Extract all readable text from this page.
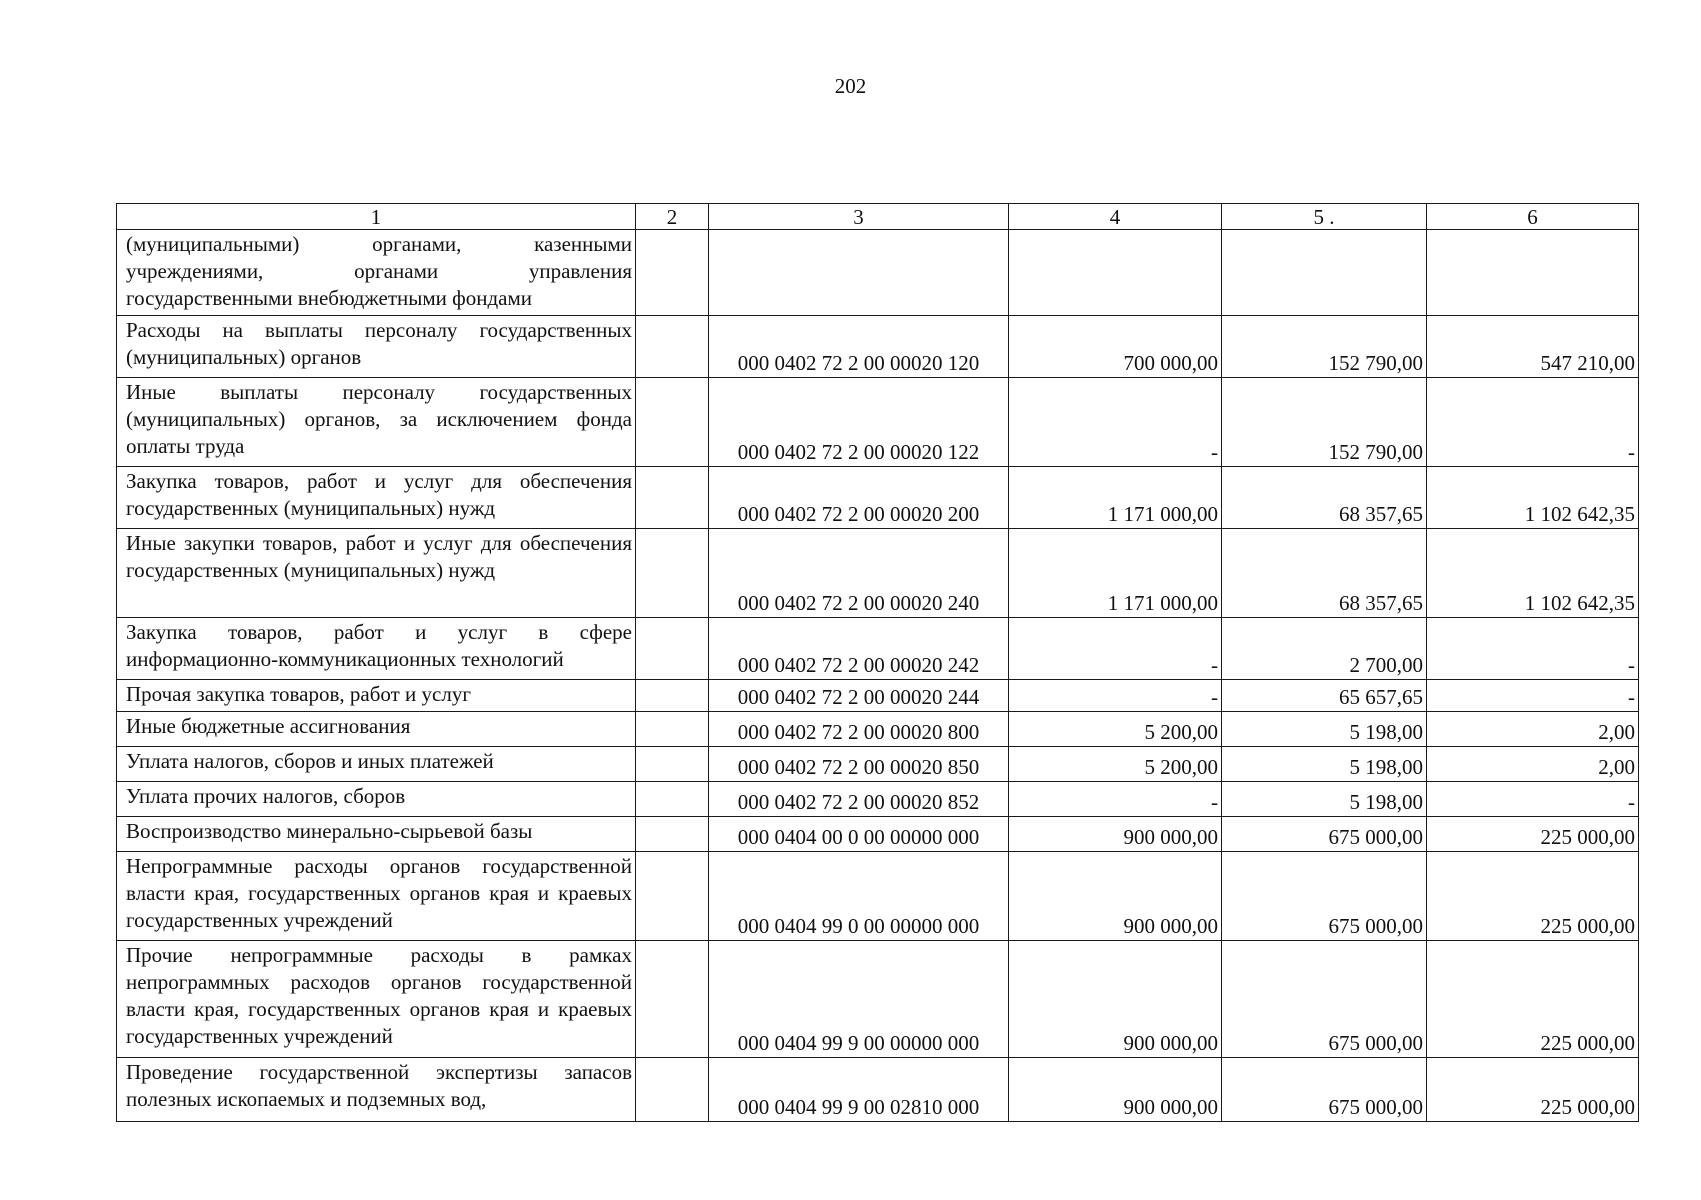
202
1	2	3	4	5 .	6
(муниципальными) органами, казенными учреждениями, органами управления государственными внебюджетными фондами					
Расходы на выплаты персоналу государственных (муниципальных) органов		000 0402 72 2 00 00020 120	700 000,00	152 790,00	547 210,00
Иные выплаты персоналу государственных (муниципальных) органов, за исключением фонда оплаты труда		000 0402 72 2 00 00020 122	-	152 790,00	-
Закупка товаров, работ и услуг для обеспечения государственных (муниципальных) нужд		000 0402 72 2 00 00020 200	1 171 000,00	68 357,65	1 102 642,35
Иные закупки товаров, работ и услуг для обеспечения государственных (муниципальных) нужд		000 0402 72 2 00 00020 240	1 171 000,00	68 357,65	1 102 642,35
Закупка товаров, работ и услуг в сфере информационно-коммуникационных технологий		000 0402 72 2 00 00020 242	-	2 700,00	-
Прочая закупка товаров, работ и услуг		000 0402 72 2 00 00020 244	-	65 657,65	-
Иные бюджетные ассигнования		000 0402 72 2 00 00020 800	5 200,00	5 198,00	2,00
Уплата налогов, сборов и иных платежей		000 0402 72 2 00 00020 850	5 200,00	5 198,00	2,00
Уплата прочих налогов, сборов		000 0402 72 2 00 00020 852	-	5 198,00	-
Воспроизводство минерально-сырьевой базы		000 0404 00 0 00 00000 000	900 000,00	675 000,00	225 000,00
Непрограммные расходы органов государственной власти края, государственных органов края и краевых государственных учреждений		000 0404 99 0 00 00000 000	900 000,00	675 000,00	225 000,00
Прочие непрограммные расходы в рамках непрограммных расходов органов государственной власти края, государственных органов края и краевых государственных учреждений		000 0404 99 9 00 00000 000	900 000,00	675 000,00	225 000,00
Проведение государственной экспертизы запасов полезных ископаемых и подземных вод,		000 0404 99 9 00 02810 000	900 000,00	675 000,00	225 000,00
